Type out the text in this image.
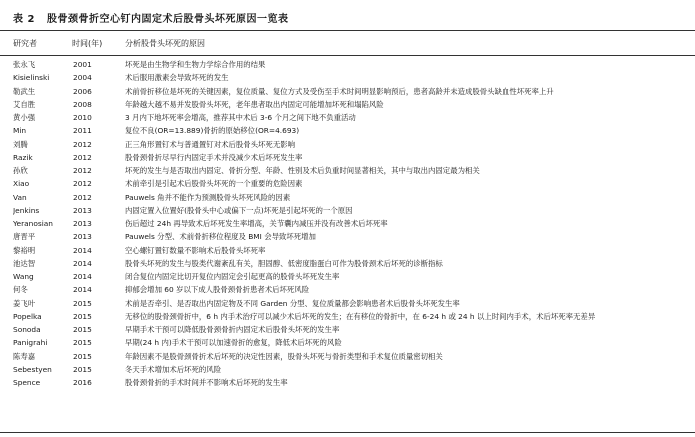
表 2 股骨颈骨折空心钉内固定术后股骨头坏死原因一览表
研究者	时间(年)	分析股骨头坏死的原因
张永飞	2001	坏死是由生物学和生物力学综合作用的结果
Kisielinski	2004	术后服用激素会导致坏死的发生
勒武生	2006	术前骨折移位是坏死的关键因素，复位质量、复位方式及受伤至手术时间明显影响预后，患者高龄并未造成股骨头缺血性坏死率上升
艾自胜	2008	年龄越大越不易并发股骨头坏死，老年患者取出内固定可能增加坏死和塌陷风险
黄小强	2010	3 月内下地坏死率会增高，推荐其中术后 3-6 个月之间下地不负重活动
Min	2011	复位不良(OR=13.889)骨折的原始移位(OR=4.693)
刘腾	2012	正三角形置钉术与普通置钉对术后股骨头坏死无影响
Razik	2012	股骨颈骨折尽早行内固定手术并没减少术后坏死发生率
孙欣	2012	坏死的发生与是否取出内固定、骨折分型、年龄、性别及术后负重时间显著相关，其中与取出内固定最为相关
Xiao	2012	术前牵引是引起术后股骨头坏死的一个重要的危险因素
Van	2012	Pauwels 角并不能作为预测股骨头坏死风险的因素
Jenkins	2013	内固定置入位置好(股骨头中心或偏下一点)坏死是引起坏死的一个原因
Yeranosian	2013	伤后超过 24h 再导致术后坏死发生率增高，关节囊内减压并没有改善术后坏死率
唐晋平	2013	Pauwels 分型、术前骨折移位程度及 BMI 会导致坏死增加
黎裕明	2014	空心螺钉置钉数量不影响术后股骨头坏死率
池达智	2014	股骨头坏死的发生与股类代谢紊乱有关，胆固醇、低密度脂蛋白可作为股骨颈术后坏死的诊断指标
Wang	2014	闭合复位内固定比切开复位内固定会引起更高的股骨头坏死发生率
何冬	2014	抑郁会增加 60 岁以下成人股骨颈骨折患者术后坏死风险
姜飞叶	2015	术前是否牵引、是否取出内固定物及不同 Garden 分型、复位质量都会影响患者术后股骨头坏死发生率
Popelka	2015	无移位的股骨颈骨折中，6 h 内手术治疗可以减少术后坏死的发生；在有移位的骨折中，在 6-24 h 或 24 h 以上时间内手术，术后坏死率无差异
Sonoda	2015	早期手术干预可以降低股骨颈骨折内固定术后股骨头坏死的发生率
Panigrahi	2015	早期(24 h 内)手术干预可以加速骨折的愈复，降低术后坏死的风险
陈寿嘉	2015	年龄因素不是股骨颈骨折术后坏死的决定性因素，股骨头坏死与骨折类型和手术复位质量密切相关
Sebestyen	2015	冬天手术增加术后坏死的风险
Spence	2016	股骨颈骨折的手术时间并不影响术后坏死的发生率
